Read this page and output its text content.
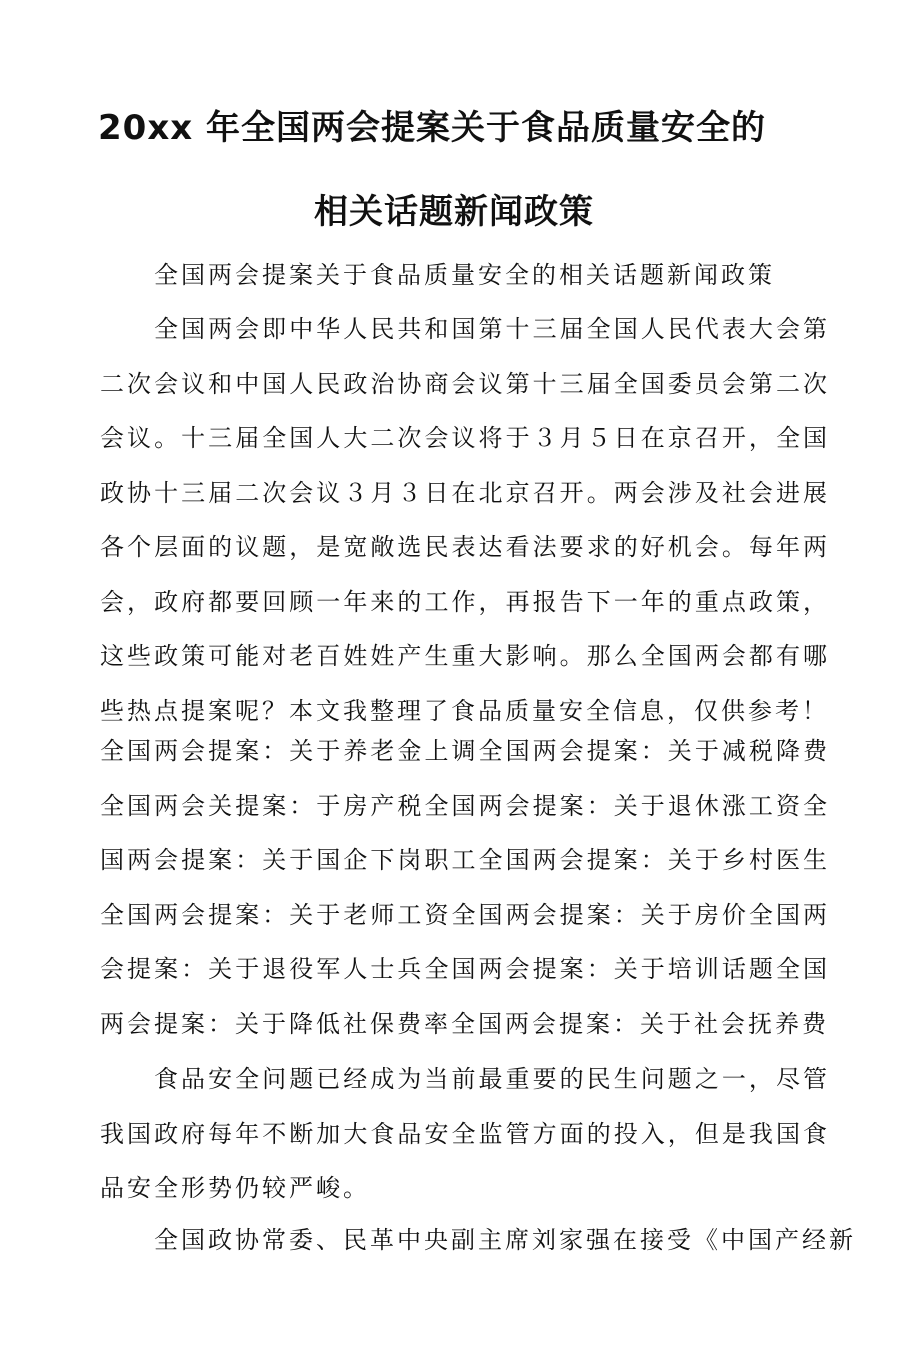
20xx 年全国两会提案关于食品质量安全的
相关话题新闻政策

全国两会提案关于食品质量安全的相关话题新闻政策

全国两会即中华人民共和国第十三届全国人民代表大会第二次会议和中国人民政治协商会议第十三届全国委员会第二次会议。十三届全国人大二次会议将于３月５日在京召开，全国政协十三届二次会议３月３日在北京召开。两会涉及社会进展各个层面的议题，是宽敞选民表达看法要求的好机会。每年两会，政府都要回顾一年来的工作，再报告下一年的重点政策，这些政策可能对老百姓姓产生重大影响。那么全国两会都有哪些热点提案呢？本文我整理了食品质量安全信息，仅供参考！

全国两会提案：关于养老金上调全国两会提案：关于减税降费全国两会关提案：于房产税全国两会提案：关于退休涨工资全国两会提案：关于国企下岗职工全国两会提案：关于乡村医生全国两会提案：关于老师工资全国两会提案：关于房价全国两会提案：关于退役军人士兵全国两会提案：关于培训话题全国两会提案：关于降低社保费率全国两会提案：关于社会抚养费

食品安全问题已经成为当前最重要的民生问题之一，尽管我国政府每年不断加大食品安全监管方面的投入，但是我国食品安全形势仍较严峻。

全国政协常委、民革中央副主席刘家强在接受《中国产经新
